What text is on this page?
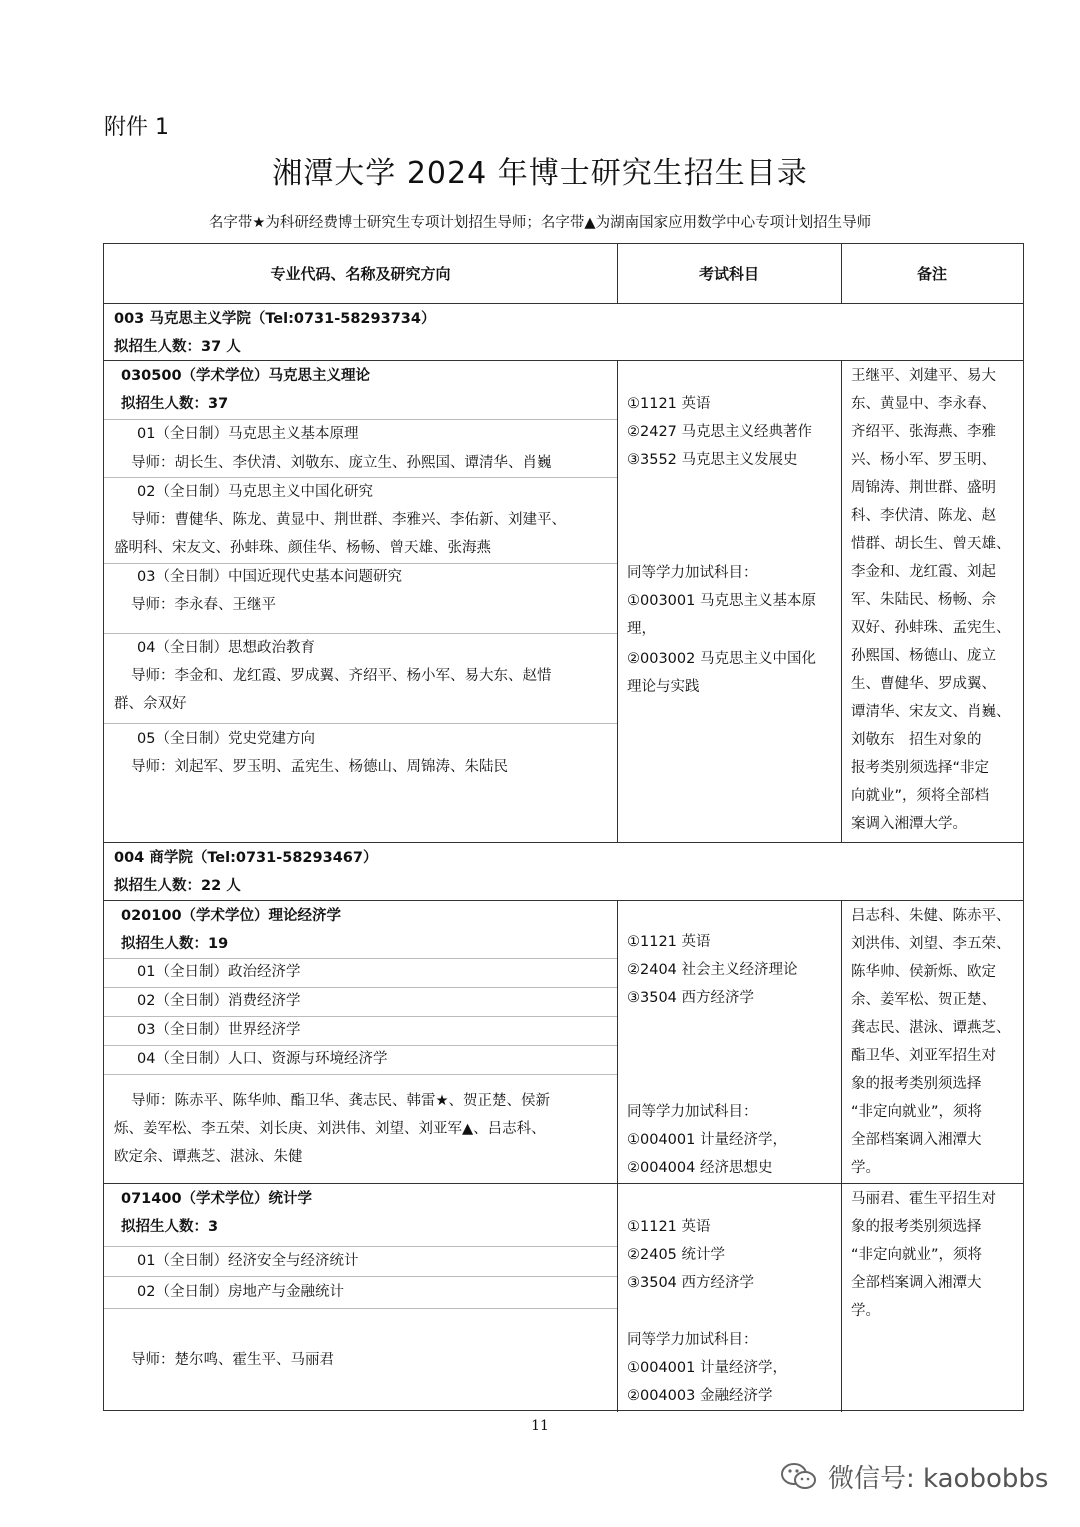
附件 1
湘潭大学 2024 年博士研究生招生目录
名字带★为科研经费博士研究生专项计划招生导师；名字带▲为湖南国家应用数学中心专项计划招生导师
专业代码、名称及研究方向	考试科目	备注
003 马克思主义学院（Tel:0731-58293734）
拟招生人数：37 人
030500（学术学位）马克思主义理论
拟招生人数：37
01（全日制）马克思主义基本原理
导师：胡长生、李伏清、刘敬东、庞立生、孙熙国、谭清华、肖巍
02（全日制）马克思主义中国化研究
导师：曹健华、陈龙、黄显中、荆世群、李雅兴、李佑新、刘建平、
盛明科、宋友文、孙蚌珠、颜佳华、杨畅、曾天雄、张海燕
03（全日制）中国近现代史基本问题研究
导师：李永春、王继平
04（全日制）思想政治教育
导师：李金和、龙红霞、罗成翼、齐绍平、杨小军、易大东、赵惜
群、佘双好
05（全日制）党史党建方向
导师：刘起军、罗玉明、孟宪生、杨德山、周锦涛、朱陆民
①1121 英语
②2427 马克思主义经典著作
③3552 马克思主义发展史
同等学力加试科目：
①003001 马克思主义基本原
理，
②003002 马克思主义中国化
理论与实践
王继平、刘建平、易大
东、黄显中、李永春、
齐绍平、张海燕、李雅
兴、杨小军、罗玉明、
周锦涛、荆世群、盛明
科、李伏清、陈龙、赵
惜群、胡长生、曾天雄、
李金和、龙红霞、刘起
军、朱陆民、杨畅、佘
双好、孙蚌珠、孟宪生、
孙熙国、杨德山、庞立
生、曹健华、罗成翼、
谭清华、宋友文、肖巍、
刘敬东　招生对象的
报考类别须选择“非定
向就业”，须将全部档
案调入湘潭大学。
004 商学院（Tel:0731-58293467）
拟招生人数：22 人
020100（学术学位）理论经济学
拟招生人数：19
01（全日制）政治经济学
02（全日制）消费经济学
03（全日制）世界经济学
04（全日制）人口、资源与环境经济学
导师：陈赤平、陈华帅、酯卫华、龚志民、韩雷★、贺正楚、侯新
烁、姜军松、李五荣、刘长庚、刘洪伟、刘望、刘亚军▲、吕志科、
欧定余、谭燕芝、湛泳、朱健
①1121 英语
②2404 社会主义经济理论
③3504 西方经济学
同等学力加试科目：
①004001 计量经济学，
②004004 经济思想史
吕志科、朱健、陈赤平、
刘洪伟、刘望、李五荣、
陈华帅、侯新烁、欧定
余、姜军松、贺正楚、
龚志民、湛泳、谭燕芝、
酯卫华、刘亚军招生对
象的报考类别须选择
“非定向就业”，须将
全部档案调入湘潭大
学。
071400（学术学位）统计学
拟招生人数：3
01（全日制）经济安全与经济统计
02（全日制）房地产与金融统计
导师：楚尔鸣、霍生平、马丽君
①1121 英语
②2405 统计学
③3504 西方经济学
同等学力加试科目：
①004001 计量经济学，
②004003 金融经济学
马丽君、霍生平招生对
象的报考类别须选择
“非定向就业”，须将
全部档案调入湘潭大
学。
11
微信号: kaobobbs
